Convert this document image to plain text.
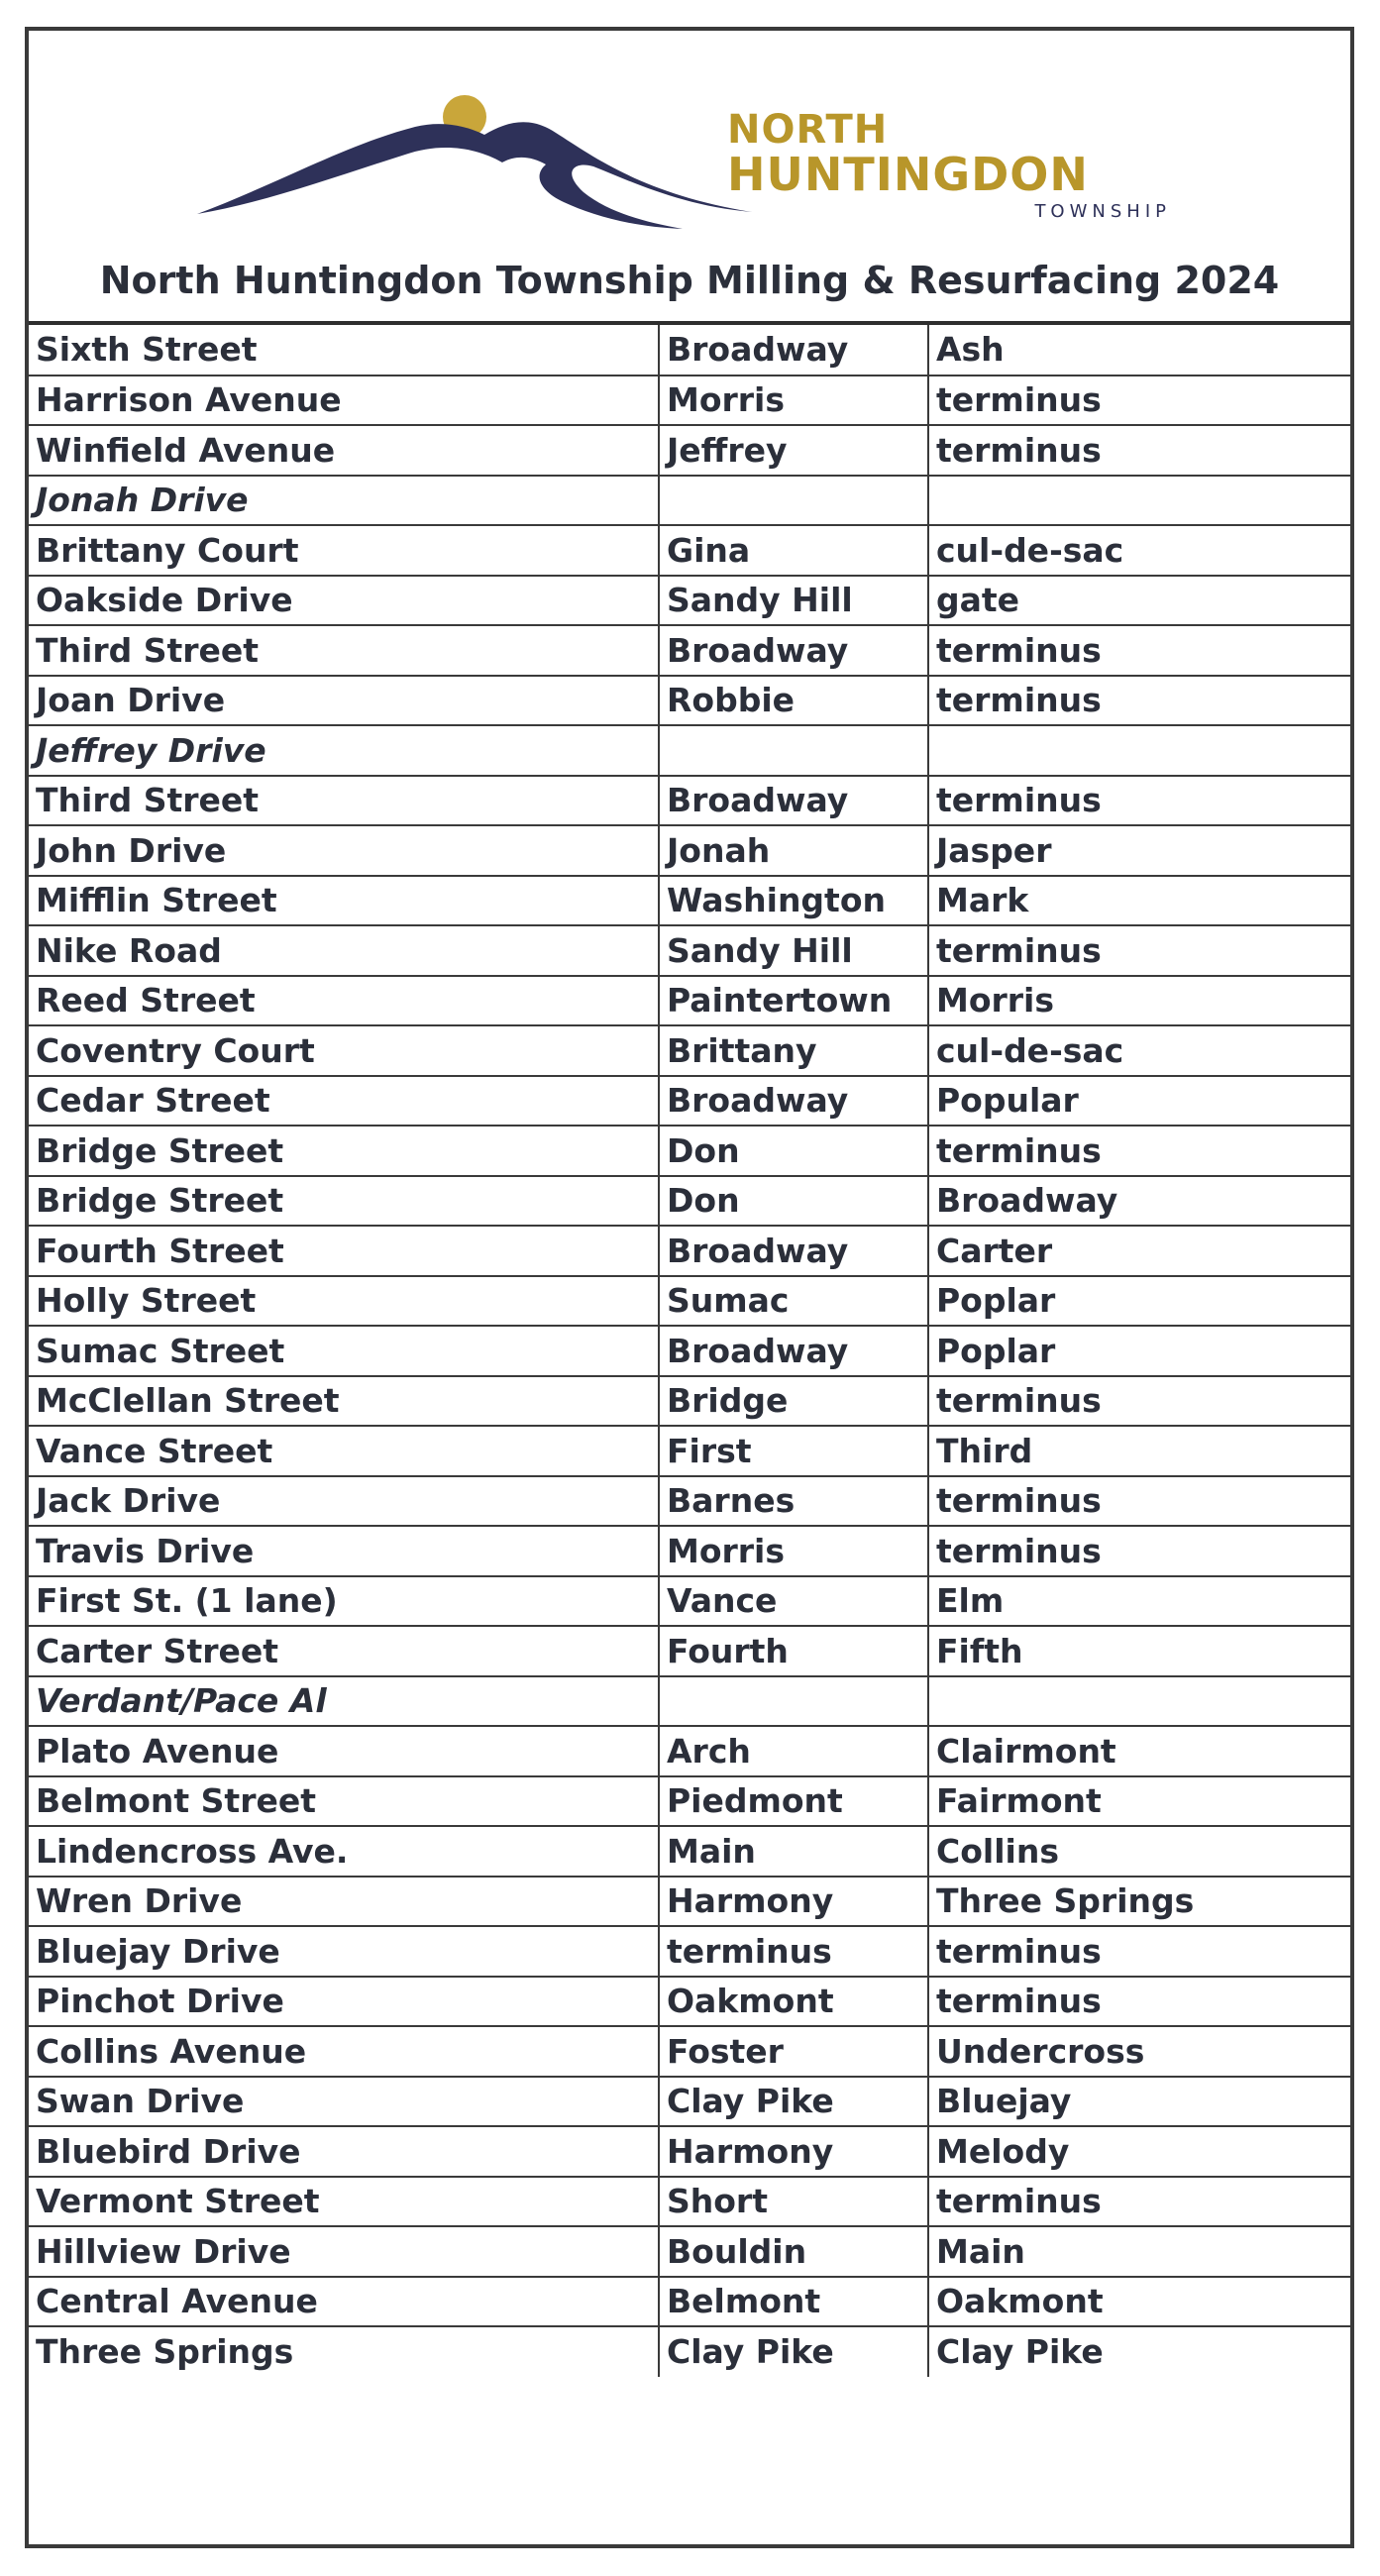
NORTH
HUNTINGDON
TOWNSHIP
North Huntingdon Township Milling & Resurfacing 2024
Sixth Street	Broadway	Ash
Harrison Avenue	Morris	terminus
Winfield Avenue	Jeffrey	terminus
Jonah Drive		
Brittany Court	Gina	cul-de-sac
Oakside Drive	Sandy Hill	gate
Third Street	Broadway	terminus
Joan Drive	Robbie	terminus
Jeffrey Drive		
Third Street	Broadway	terminus
John Drive	Jonah	Jasper
Mifflin Street	Washington	Mark
Nike Road	Sandy Hill	terminus
Reed Street	Paintertown	Morris
Coventry Court	Brittany	cul-de-sac
Cedar Street	Broadway	Popular
Bridge Street	Don	terminus
Bridge Street	Don	Broadway
Fourth Street	Broadway	Carter
Holly Street	Sumac	Poplar
Sumac Street	Broadway	Poplar
McClellan Street	Bridge	terminus
Vance Street	First	Third
Jack Drive	Barnes	terminus
Travis Drive	Morris	terminus
First St. (1 lane)	Vance	Elm
Carter Street	Fourth	Fifth
Verdant/Pace Al		
Plato Avenue	Arch	Clairmont
Belmont Street	Piedmont	Fairmont
Lindencross Ave.	Main	Collins
Wren Drive	Harmony	Three Springs
Bluejay Drive	terminus	terminus
Pinchot Drive	Oakmont	terminus
Collins Avenue	Foster	Undercross
Swan Drive	Clay Pike	Bluejay
Bluebird Drive	Harmony	Melody
Vermont Street	Short	terminus
Hillview Drive	Bouldin	Main
Central Avenue	Belmont	Oakmont
Three Springs	Clay Pike	Clay Pike
